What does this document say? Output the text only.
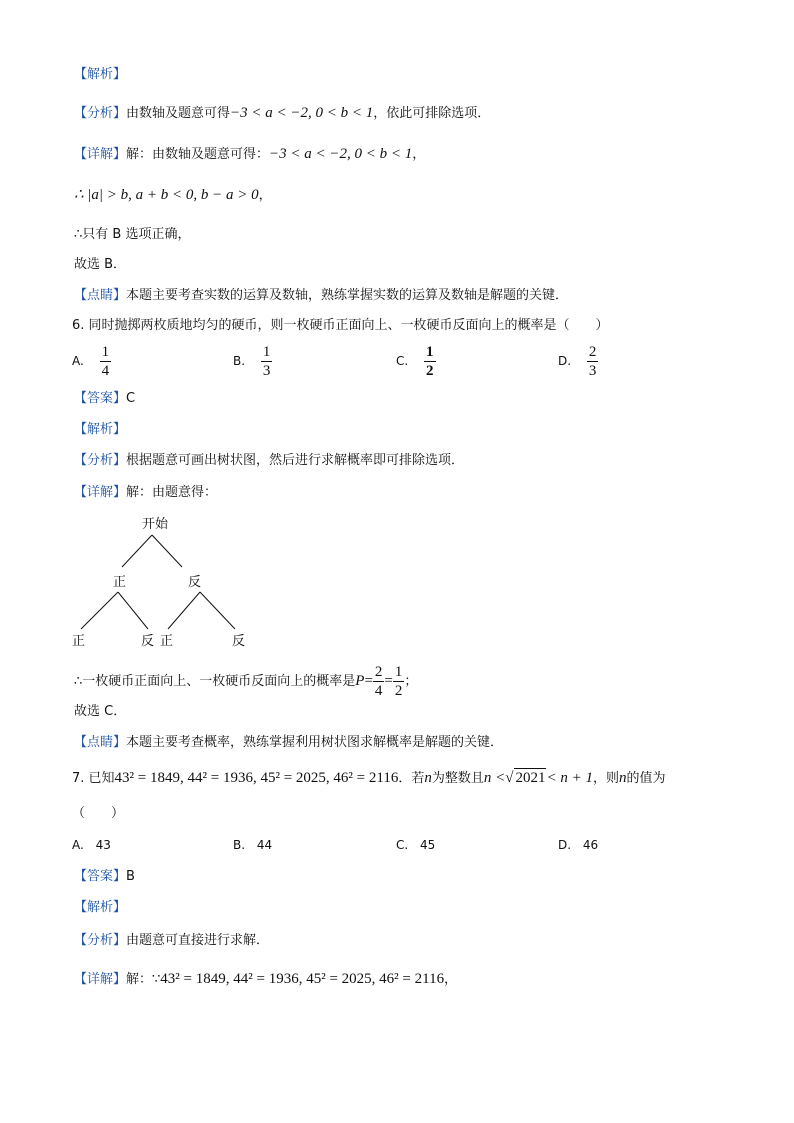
【解析】
【分析】由数轴及题意可得−3 < a < −2, 0 < b < 1，依此可排除选项．
【详解】解：由数轴及题意可得：−3 < a < −2, 0 < b < 1，
∴ |a| > b, a + b < 0, b − a > 0，
∴只有 B 选项正确，
故选 B．
【点睛】本题主要考查实数的运算及数轴，熟练掌握实数的运算及数轴是解题的关键．
6. 同时抛掷两枚质地均匀的硬币，则一枚硬币正面向上、一枚硬币反面向上的概率是（　　）
A. $\frac{1}{4}$	B. $\frac{1}{3}$	C. $\frac{1}{2}$	D. $\frac{2}{3}$
【答案】C
【解析】
【分析】根据题意可画出树状图，然后进行求解概率即可排除选项．
【详解】解：由题意得：
开始
正	反
正	反 正	反
∴一枚硬币正面向上、一枚硬币反面向上的概率是$P= \frac{2}{4} = \frac{1}{2}$ ；
故选 C．
【点睛】本题主要考查概率，熟练掌握利用树状图求解概率是解题的关键．
7. 已知43² = 1849, 44² = 1936, 45² = 2025, 46² = 2116．若n为整数且n <√ 2021< n + 1，则n的值为
（　　）
A. 43	B. 44	C. 45	D. 46
【答案】B
【解析】
【分析】由题意可直接进行求解．
【详解】解：∵43² = 1849, 44² = 1936, 45² = 2025, 46² = 2116，
